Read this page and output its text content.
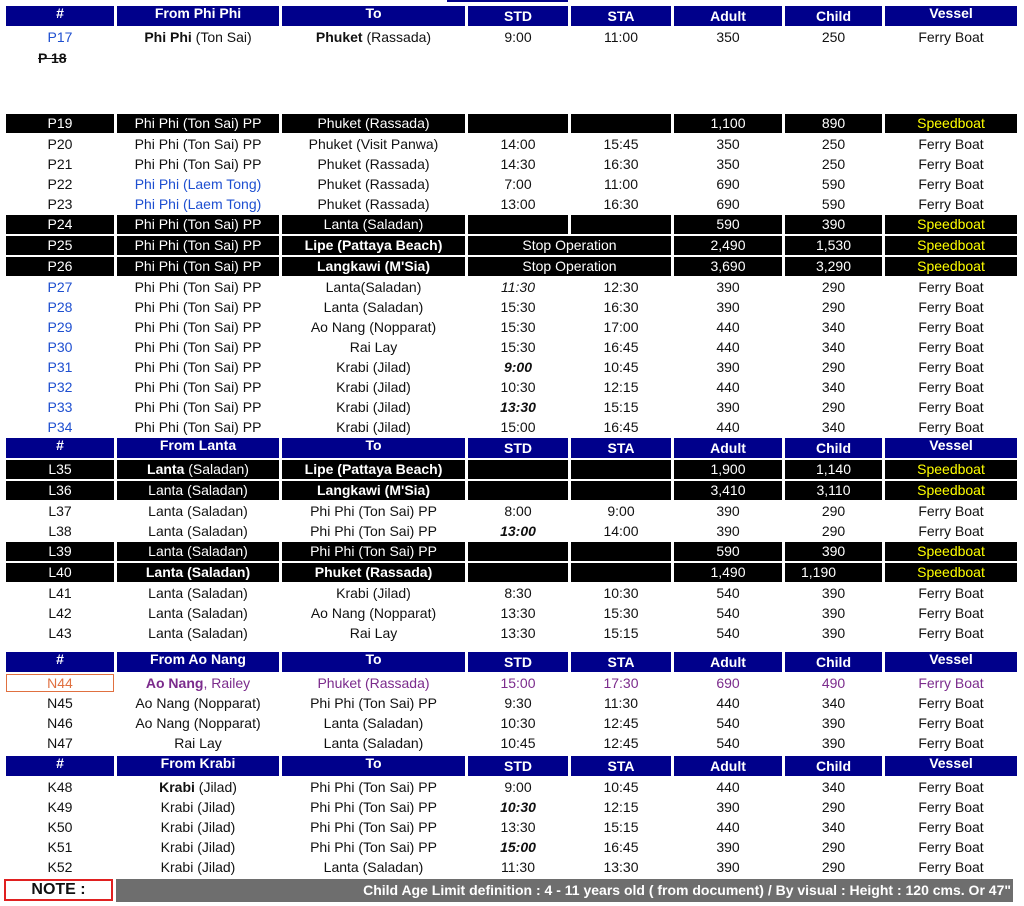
#	From Phi Phi	To	STD	STA	Adult	Child	Vessel
P17	Phi Phi (Ton Sai)	Phuket (Rassada)	9:00	11:00	350	250	Ferry Boat
P 18
P19	Phi Phi (Ton Sai) PP	Phuket (Rassada)			1,100	890	Speedboat
P20	Phi Phi (Ton Sai) PP	Phuket (Visit Panwa)	14:00	15:45	350	250	Ferry Boat
P21	Phi Phi (Ton Sai) PP	Phuket (Rassada)	14:30	16:30	350	250	Ferry Boat
P22	Phi Phi (Laem Tong)	Phuket (Rassada)	7:00	11:00	690	590	Ferry Boat
P23	Phi Phi (Laem Tong)	Phuket (Rassada)	13:00	16:30	690	590	Ferry Boat
P24	Phi Phi (Ton Sai) PP	Lanta (Saladan)			590	390	Speedboat
P25	Phi Phi (Ton Sai) PP	Lipe (Pattaya Beach)	Stop Operation		2,490	1,530	Speedboat
P26	Phi Phi (Ton Sai) PP	Langkawi (M'Sia)	Stop Operation		3,690	3,290	Speedboat
P27	Phi Phi (Ton Sai) PP	Lanta(Saladan)	11:30	12:30	390	290	Ferry Boat
P28	Phi Phi (Ton Sai) PP	Lanta (Saladan)	15:30	16:30	390	290	Ferry Boat
P29	Phi Phi (Ton Sai) PP	Ao Nang (Nopparat)	15:30	17:00	440	340	Ferry Boat
P30	Phi Phi (Ton Sai) PP	Rai Lay	15:30	16:45	440	340	Ferry Boat
P31	Phi Phi (Ton Sai) PP	Krabi (Jilad)	9:00	10:45	390	290	Ferry Boat
P32	Phi Phi (Ton Sai) PP	Krabi (Jilad)	10:30	12:15	440	340	Ferry Boat
P33	Phi Phi (Ton Sai) PP	Krabi (Jilad)	13:30	15:15	390	290	Ferry Boat
P34	Phi Phi (Ton Sai) PP	Krabi (Jilad)	15:00	16:45	440	340	Ferry Boat
#	From Lanta	To	STD	STA	Adult	Child	Vessel
L35	Lanta (Saladan)	Lipe (Pattaya Beach)			1,900	1,140	Speedboat
L36	Lanta (Saladan)	Langkawi (M'Sia)			3,410	3,110	Speedboat
L37	Lanta (Saladan)	Phi Phi (Ton Sai) PP	8:00	9:00	390	290	Ferry Boat
L38	Lanta (Saladan)	Phi Phi (Ton Sai) PP	13:00	14:00	390	290	Ferry Boat
L39	Lanta (Saladan)	Phi Phi (Ton Sai) PP			590	390	Speedboat
L40	Lanta (Saladan)	Phuket (Rassada)			1,490	1,190	Speedboat
L41	Lanta (Saladan)	Krabi (Jilad)	8:30	10:30	540	390	Ferry Boat
L42	Lanta (Saladan)	Ao Nang (Nopparat)	13:30	15:30	540	390	Ferry Boat
L43	Lanta (Saladan)	Rai Lay	13:30	15:15	540	390	Ferry Boat
#	From Ao Nang	To	STD	STA	Adult	Child	Vessel
N44	Ao Nang, Railey	Phuket (Rassada)	15:00	17:30	690	490	Ferry Boat
N45	Ao Nang (Nopparat)	Phi Phi (Ton Sai) PP	9:30	11:30	440	340	Ferry Boat
N46	Ao Nang (Nopparat)	Lanta (Saladan)	10:30	12:45	540	390	Ferry Boat
N47	Rai Lay	Lanta (Saladan)	10:45	12:45	540	390	Ferry Boat
#	From Krabi	To	STD	STA	Adult	Child	Vessel
K48	Krabi (Jilad)	Phi Phi (Ton Sai) PP	9:00	10:45	440	340	Ferry Boat
K49	Krabi (Jilad)	Phi Phi (Ton Sai) PP	10:30	12:15	390	290	Ferry Boat
K50	Krabi (Jilad)	Phi Phi (Ton Sai) PP	13:30	15:15	440	340	Ferry Boat
K51	Krabi (Jilad)	Phi Phi (Ton Sai) PP	15:00	16:45	390	290	Ferry Boat
K52	Krabi (Jilad)	Lanta (Saladan)	11:30	13:30	390	290	Ferry Boat
NOTE :	Child Age Limit definition : 4 - 11 years old ( from document) / By visual : Height : 120 cms. Or 47"
